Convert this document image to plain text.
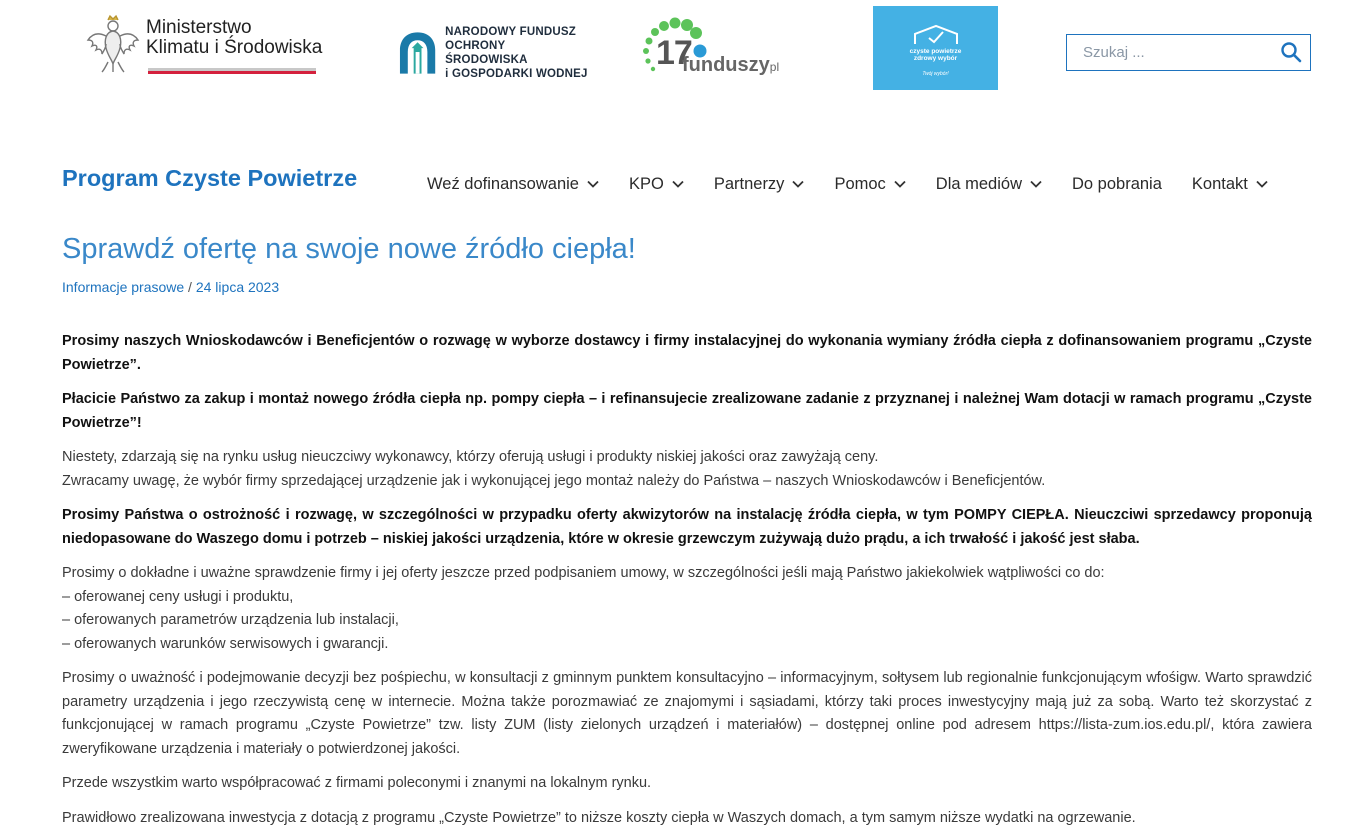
Ministerstwo
Klimatu i Środowiska
NARODOWY FUNDUSZ
OCHRONY ŚRODOWISKA
i GOSPODARKI WODNEJ
17
funduszypl
czyste powietrze
zdrowy wybór
Twój wybór!
Szukaj ...
Program Czyste Powietrze	Weź dofinansowanie	KPO	Partnerzy	Pomoc	Dla mediów	Do pobrania Kontakt
Sprawdź ofertę na swoje nowe źródło ciepła!
Informacje prasowe / 24 lipca 2023

Prosimy naszych Wnioskodawców i Beneficjentów o rozwagę w wyborze dostawcy i firmy instalacyjnej do wykonania wymiany źródła ciepła z dofinansowaniem programu „Czyste Powietrze”.

Płacicie Państwo za zakup i montaż nowego źródła ciepła np. pompy ciepła – i refinansujecie zrealizowane zadanie z przyznanej i należnej Wam dotacji w ramach programu „Czyste Powietrze”!

Niestety, zdarzają się na rynku usług nieuczciwy wykonawcy, którzy oferują usługi i produkty niskiej jakości oraz zawyżają ceny.
Zwracamy uwagę, że wybór firmy sprzedającej urządzenie jak i wykonującej jego montaż należy do Państwa – naszych Wnioskodawców i Beneficjentów.

Prosimy Państwa o ostrożność i rozwagę, w szczególności w przypadku oferty akwizytorów na instalację źródła ciepła, w tym POMPY CIEPŁA. Nieuczciwi sprzedawcy proponują niedopasowane do Waszego domu i potrzeb – niskiej jakości urządzenia, które w okresie grzewczym zużywają dużo prądu, a ich trwałość i jakość jest słaba.

Prosimy o dokładne i uważne sprawdzenie firmy i jej oferty jeszcze przed podpisaniem umowy, w szczególności jeśli mają Państwo jakiekolwiek wątpliwości co do:
– oferowanej ceny usługi i produktu,
– oferowanych parametrów urządzenia lub instalacji,
– oferowanych warunków serwisowych i gwarancji.

Prosimy o uważność i podejmowanie decyzji bez pośpiechu, w konsultacji z gminnym punktem konsultacyjno – informacyjnym, sołtysem lub regionalnie funkcjonującym wfośigw. Warto sprawdzić parametry urządzenia i jego rzeczywistą cenę w internecie. Można także porozmawiać ze znajomymi i sąsiadami, którzy taki proces inwestycyjny mają już za sobą. Warto też skorzystać z funkcjonującej w ramach programu „Czyste Powietrze” tzw. listy ZUM (listy zielonych urządzeń i materiałów) – dostępnej online pod adresem https://lista-zum.ios.edu.pl/, która zawiera zweryfikowane urządzenia i materiały o potwierdzonej jakości.

Przede wszystkim warto współpracować z firmami poleconymi i znanymi na lokalnym rynku.

Prawidłowo zrealizowana inwestycja z dotacją z programu „Czyste Powietrze” to niższe koszty ciepła w Waszych domach, a tym samym niższe wydatki na ogrzewanie.
